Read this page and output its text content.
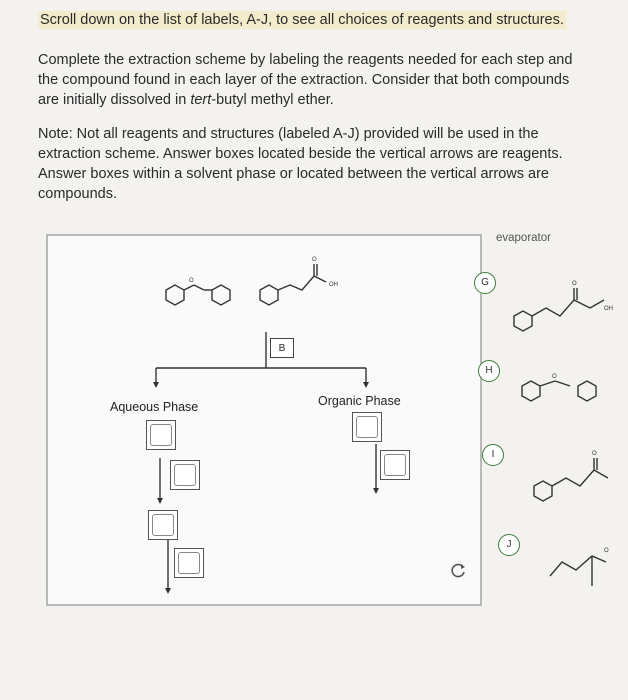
Scroll down on the list of labels, A-J, to see all choices of reagents and structures.

Complete the extraction scheme by labeling the reagents needed for each step and the compound found in each layer of the extraction. Consider that both compounds are initially dissolved in tert-butyl methyl ether.

Note: Not all reagents and structures (labeled A-J) provided will be used in the extraction scheme. Answer boxes located beside the vertical arrows are reagents. Answer boxes within a solvent phase or located between the vertical arrows are compounds.

O
O
OH
B
Aqueous Phase	Organic Phase
evaporator
G
H
I
J
O
OH
O
O
O
